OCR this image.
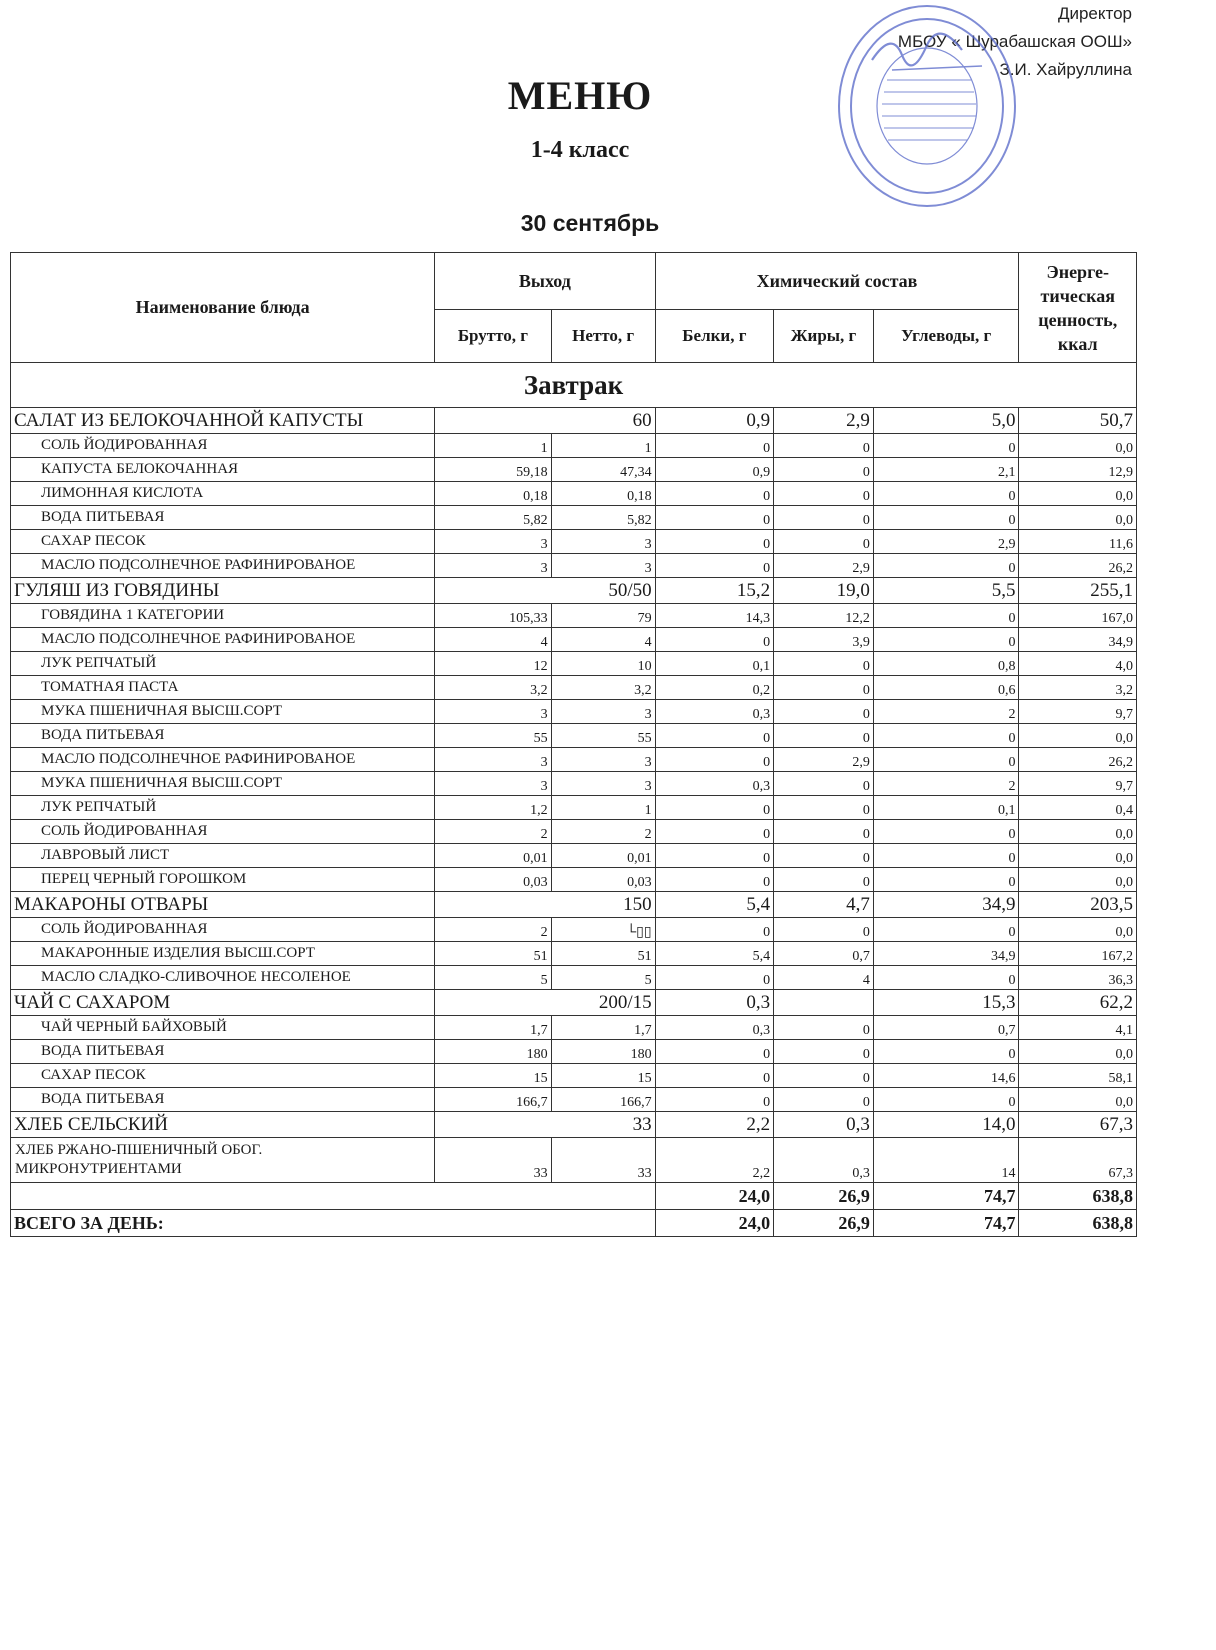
Директор
МБОУ « Шурабашская ООШ»
З.И. Хайруллина
МЕНЮ
1-4 класс
30 сентябрь
Наименование блюда	Выход		Химический состав			Энерге-тическая ценность, ккал
	Брутто, г	Нетто, г	Белки, г	Жиры, г	Углеводы, г	
Завтрак						
САЛАТ ИЗ БЕЛОКОЧАННОЙ КАПУСТЫ	60		0,9	2,9	5,0	50,7
СОЛЬ ЙОДИРОВАННАЯ	1	1	0	0	0	0,0
КАПУСТА БЕЛОКОЧАННАЯ	59,18	47,34	0,9	0	2,1	12,9
ЛИМОННАЯ КИСЛОТА	0,18	0,18	0	0	0	0,0
ВОДА ПИТЬЕВАЯ	5,82	5,82	0	0	0	0,0
САХАР ПЕСОК	3	3	0	0	2,9	11,6
МАСЛО ПОДСОЛНЕЧНОЕ РАФИНИРОВАНОЕ	3	3	0	2,9	0	26,2
ГУЛЯШ ИЗ ГОВЯДИНЫ	50/50		15,2	19,0	5,5	255,1
ГОВЯДИНА 1 КАТЕГОРИИ	105,33	79	14,3	12,2	0	167,0
МАСЛО ПОДСОЛНЕЧНОЕ РАФИНИРОВАНОЕ	4	4	0	3,9	0	34,9
ЛУК РЕПЧАТЫЙ	12	10	0,1	0	0,8	4,0
ТОМАТНАЯ ПАСТА	3,2	3,2	0,2	0	0,6	3,2
МУКА ПШЕНИЧНАЯ ВЫСШ.СОРТ	3	3	0,3	0	2	9,7
ВОДА ПИТЬЕВАЯ	55	55	0	0	0	0,0
МАСЛО ПОДСОЛНЕЧНОЕ РАФИНИРОВАНОЕ	3	3	0	2,9	0	26,2
МУКА ПШЕНИЧНАЯ ВЫСШ.СОРТ	3	3	0,3	0	2	9,7
ЛУК РЕПЧАТЫЙ	1,2	1	0	0	0,1	0,4
СОЛЬ ЙОДИРОВАННАЯ	2	2	0	0	0	0,0
ЛАВРОВЫЙ ЛИСТ	0,01	0,01	0	0	0	0,0
ПЕРЕЦ ЧЕРНЫЙ ГОРОШКОМ	0,03	0,03	0	0	0	0,0
МАКАРОНЫ ОТВАРЫ	150		5,4	4,7	34,9	203,5
СОЛЬ ЙОДИРОВАННАЯ	2	└▯▯	0	0	0	0,0
МАКАРОННЫЕ ИЗДЕЛИЯ ВЫСШ.СОРТ	51	51	5,4	0,7	34,9	167,2
МАСЛО СЛАДКО-СЛИВОЧНОЕ НЕСОЛЕНОЕ	5	5	0	4	0	36,3
ЧАЙ С САХАРОМ	200/15		0,3		15,3	62,2
ЧАЙ ЧЕРНЫЙ БАЙХОВЫЙ	1,7	1,7	0,3	0	0,7	4,1
ВОДА ПИТЬЕВАЯ	180	180	0	0	0	0,0
САХАР ПЕСОК	15	15	0	0	14,6	58,1
ВОДА ПИТЬЕВАЯ	166,7	166,7	0	0	0	0,0
ХЛЕБ СЕЛЬСКИЙ	33		2,2	0,3	14,0	67,3
ХЛЕБ РЖАНО-ПШЕНИЧНЫЙ ОБОГ. МИКРОНУТРИЕНТАМИ	33	33	2,2	0,3	14	67,3
			24,0	26,9	74,7	638,8
ВСЕГО ЗА ДЕНЬ:			24,0	26,9	74,7	638,8
